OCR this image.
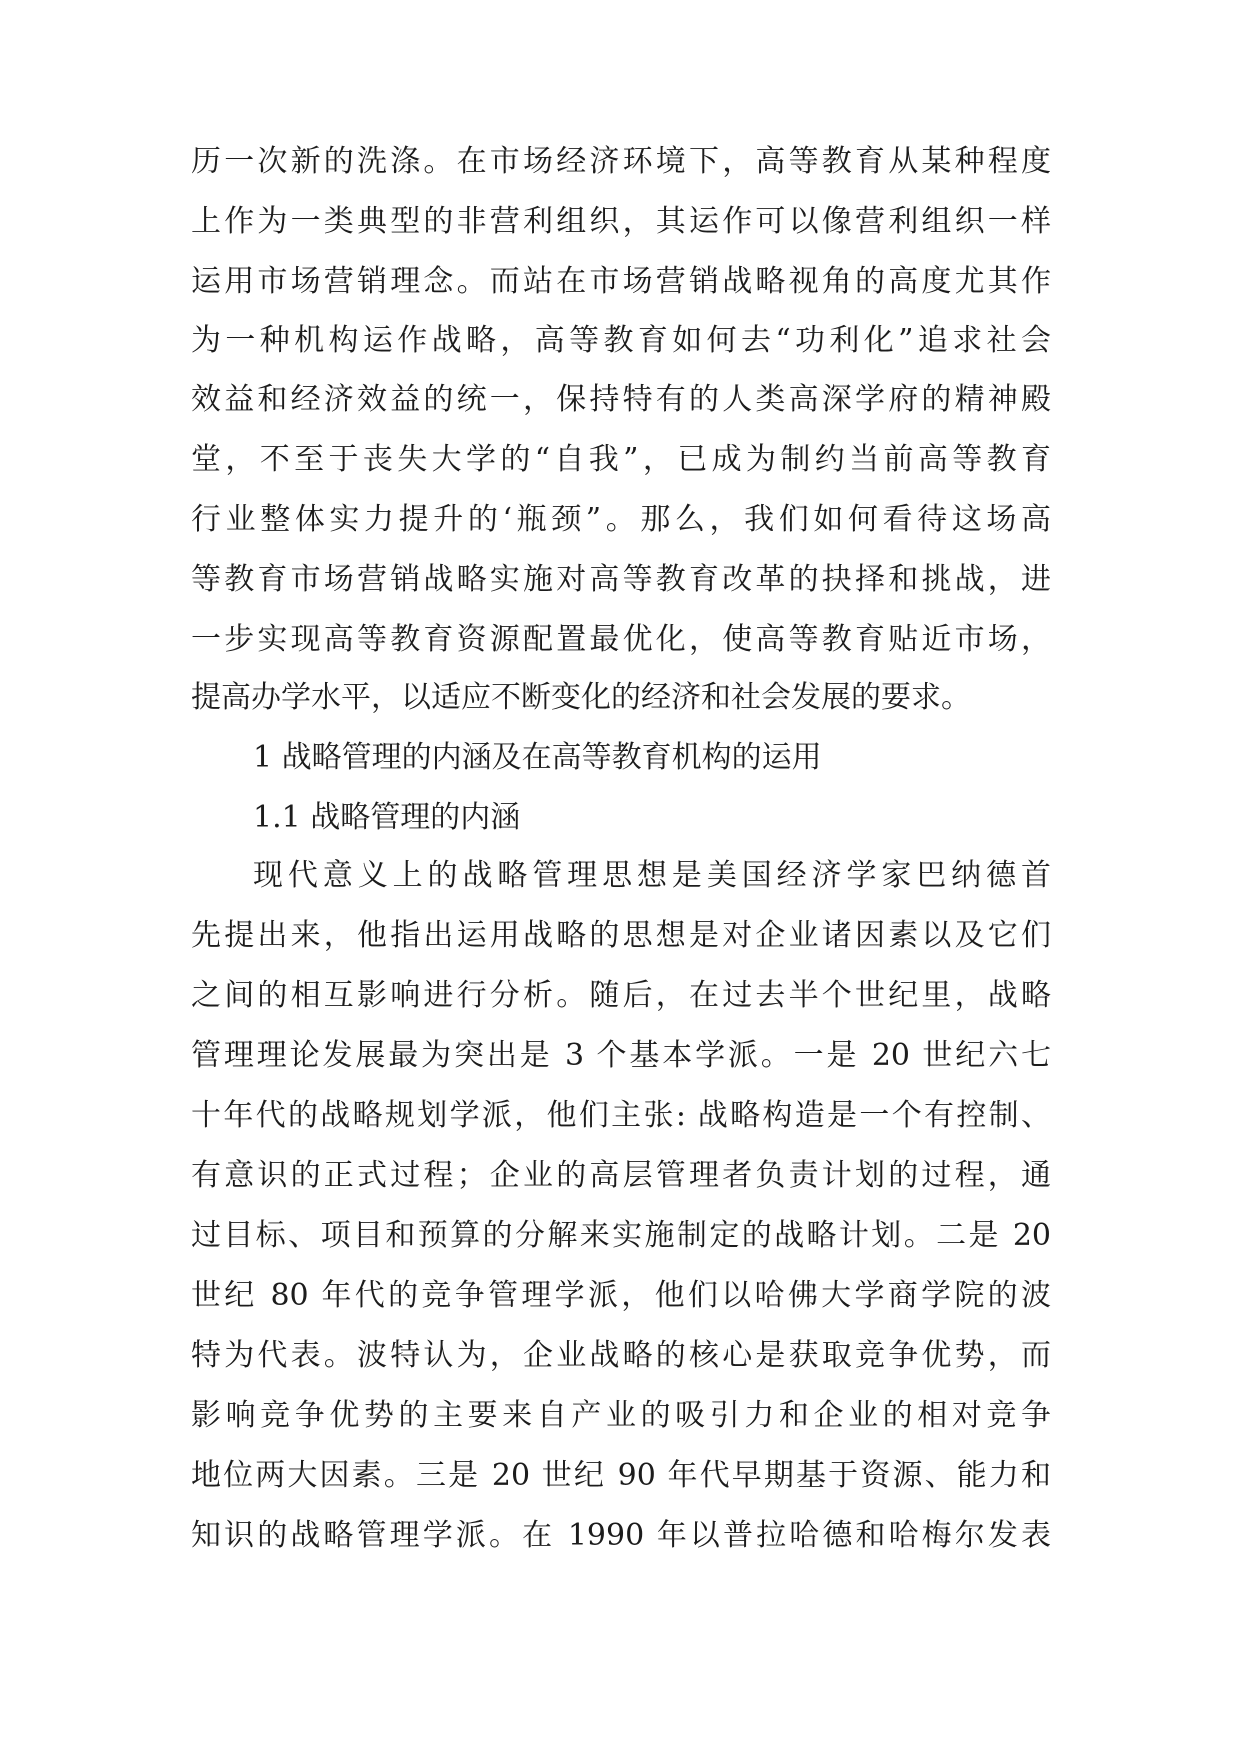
历一次新的洗涤。在市场经济环境下，高等教育从某种程度
上作为一类典型的非营利组织，其运作可以像营利组织一样
运用市场营销理念。而站在市场营销战略视角的高度尤其作
为一种机构运作战略，高等教育如何去“功利化”追求社会
效益和经济效益的统一，保持特有的人类高深学府的精神殿
堂，不至于丧失大学的“自我”，已成为制约当前高等教育
行业整体实力提升的‘瓶颈”。那么，我们如何看待这场高
等教育市场营销战略实施对高等教育改革的抉择和挑战，进
一步实现高等教育资源配置最优化，使高等教育贴近市场，
提高办学水平，以适应不断变化的经济和社会发展的要求。
1 战略管理的内涵及在高等教育机构的运用
1.1 战略管理的内涵
现代意义上的战略管理思想是美国经济学家巴纳德首
先提出来，他指出运用战略的思想是对企业诸因素以及它们
之间的相互影响进行分析。随后，在过去半个世纪里，战略
管理理论发展最为突出是 3 个基本学派。一是 20 世纪六七
十年代的战略规划学派，他们主张: 战略构造是一个有控制、
有意识的正式过程；企业的高层管理者负责计划的过程，通
过目标、项目和预算的分解来实施制定的战略计划。二是 20
世纪 80 年代的竞争管理学派，他们以哈佛大学商学院的波
特为代表。波特认为，企业战略的核心是获取竞争优势，而
影响竞争优势的主要来自产业的吸引力和企业的相对竞争
地位两大因素。三是 20 世纪 90 年代早期基于资源、能力和
知识的战略管理学派。在 1990 年以普拉哈德和哈梅尔发表
